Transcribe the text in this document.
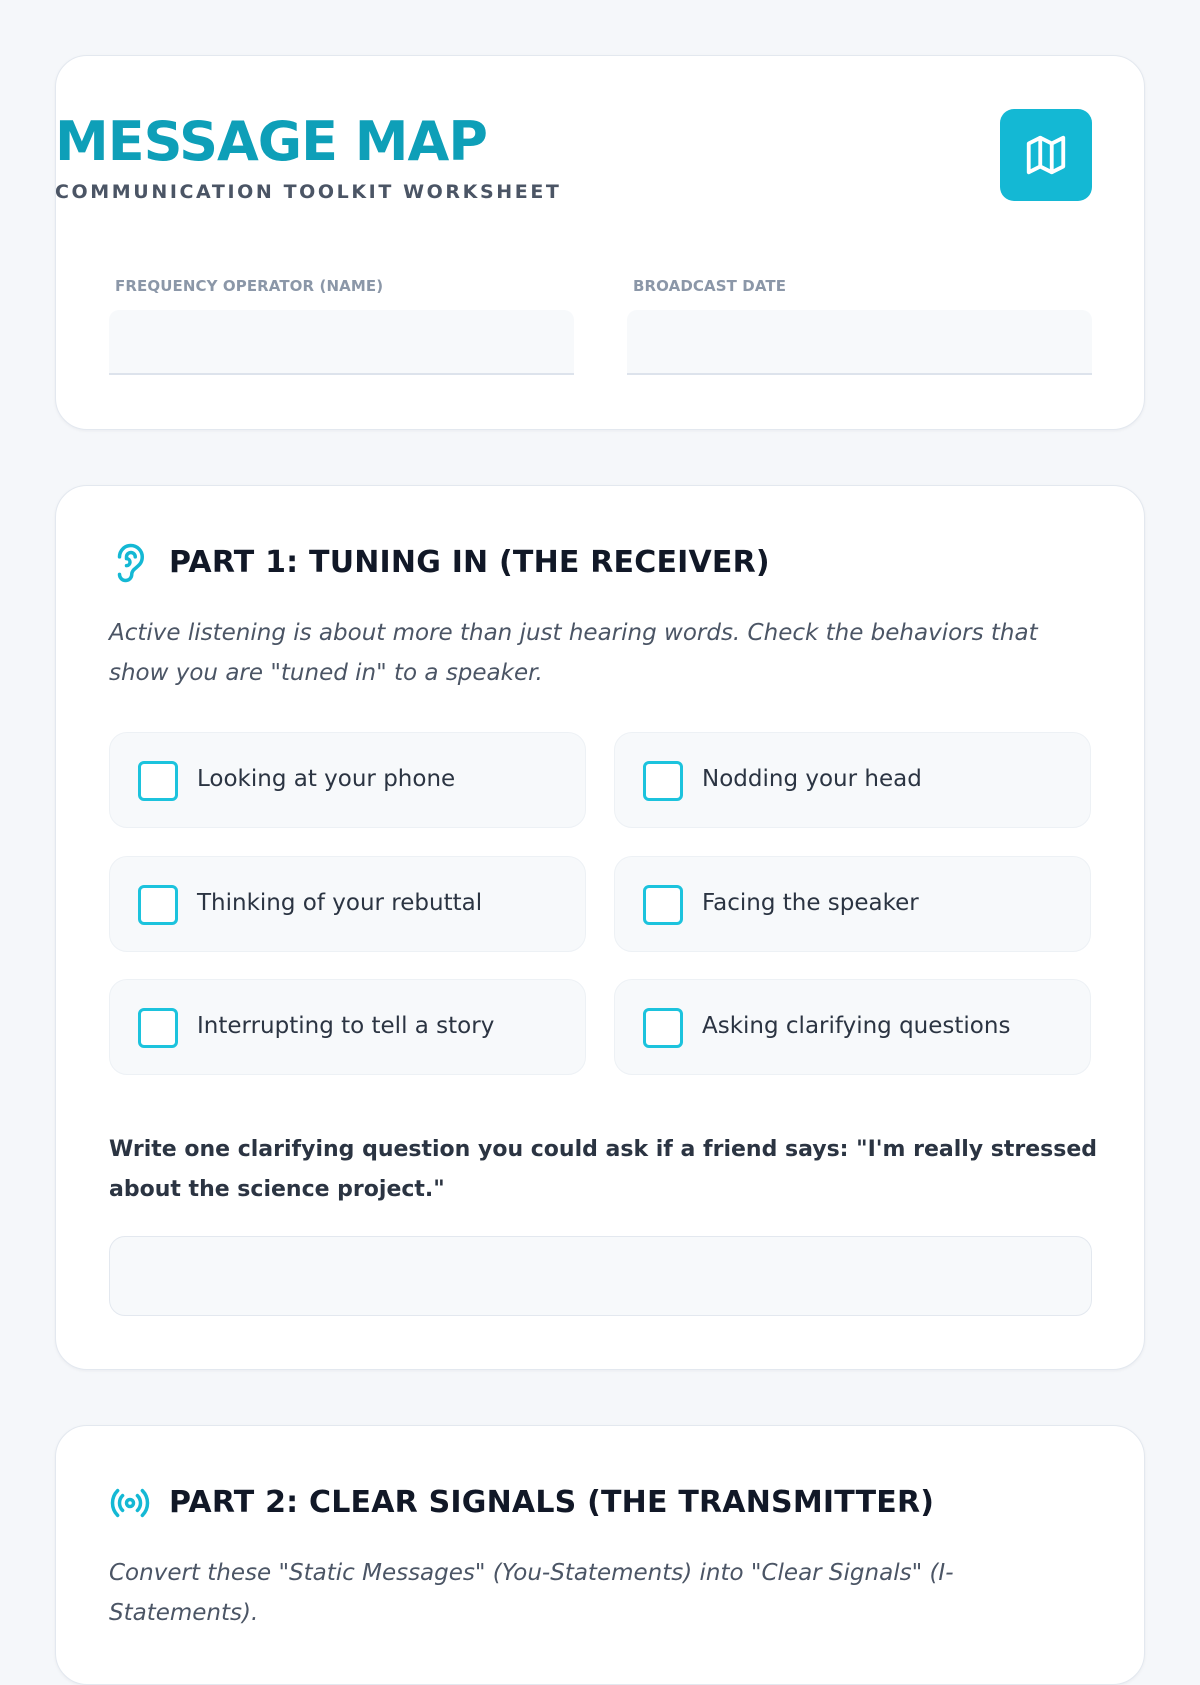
MESSAGE MAP
COMMUNICATION TOOLKIT WORKSHEET
FREQUENCY OPERATOR (NAME)	BROADCAST DATE
PART 1: TUNING IN (THE RECEIVER)
Active listening is about more than just hearing words. Check the behaviors that show you are "tuned in" to a speaker.
Looking at your phone	Nodding your head
Thinking of your rebuttal	Facing the speaker
Interrupting to tell a story	Asking clarifying questions
Write one clarifying question you could ask if a friend says: "I'm really stressed about the science project."
PART 2: CLEAR SIGNALS (THE TRANSMITTER)
Convert these "Static Messages" (You-Statements) into "Clear Signals" (I-Statements).
